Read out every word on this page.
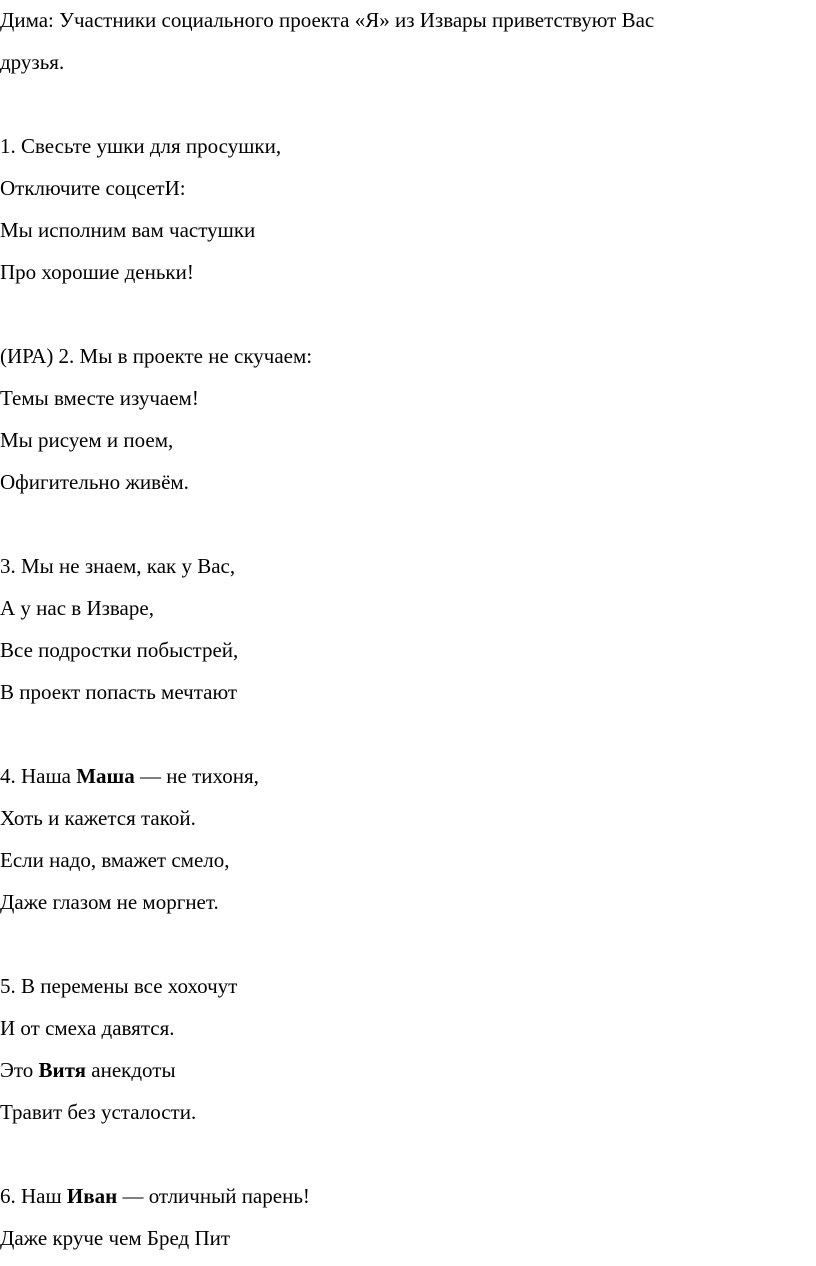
Дима: Участники социального проекта «Я» из Извары приветствуют Вас
друзья.
1. Свесьте ушки для просушки,
Отключите соцсетИ:
Мы исполним вам частушки
Про хорошие деньки!
(ИРА) 2. Мы в проекте не скучаем:
Темы вместе изучаем!
Мы рисуем и поем,
Офигительно живём.
3. Мы не знаем, как у Вас,
А у нас в Изваре,
Все подростки побыстрей,
В проект попасть мечтают
4. Наша Маша — не тихоня,
Хоть и кажется такой.
Если надо, вмажет смело,
Даже глазом не моргнет.
5. В перемены все хохочут
И от смеха давятся.
Это Витя анекдоты
Травит без усталости.
6. Наш Иван — отличный парень!
Даже круче чем Бред Пит
